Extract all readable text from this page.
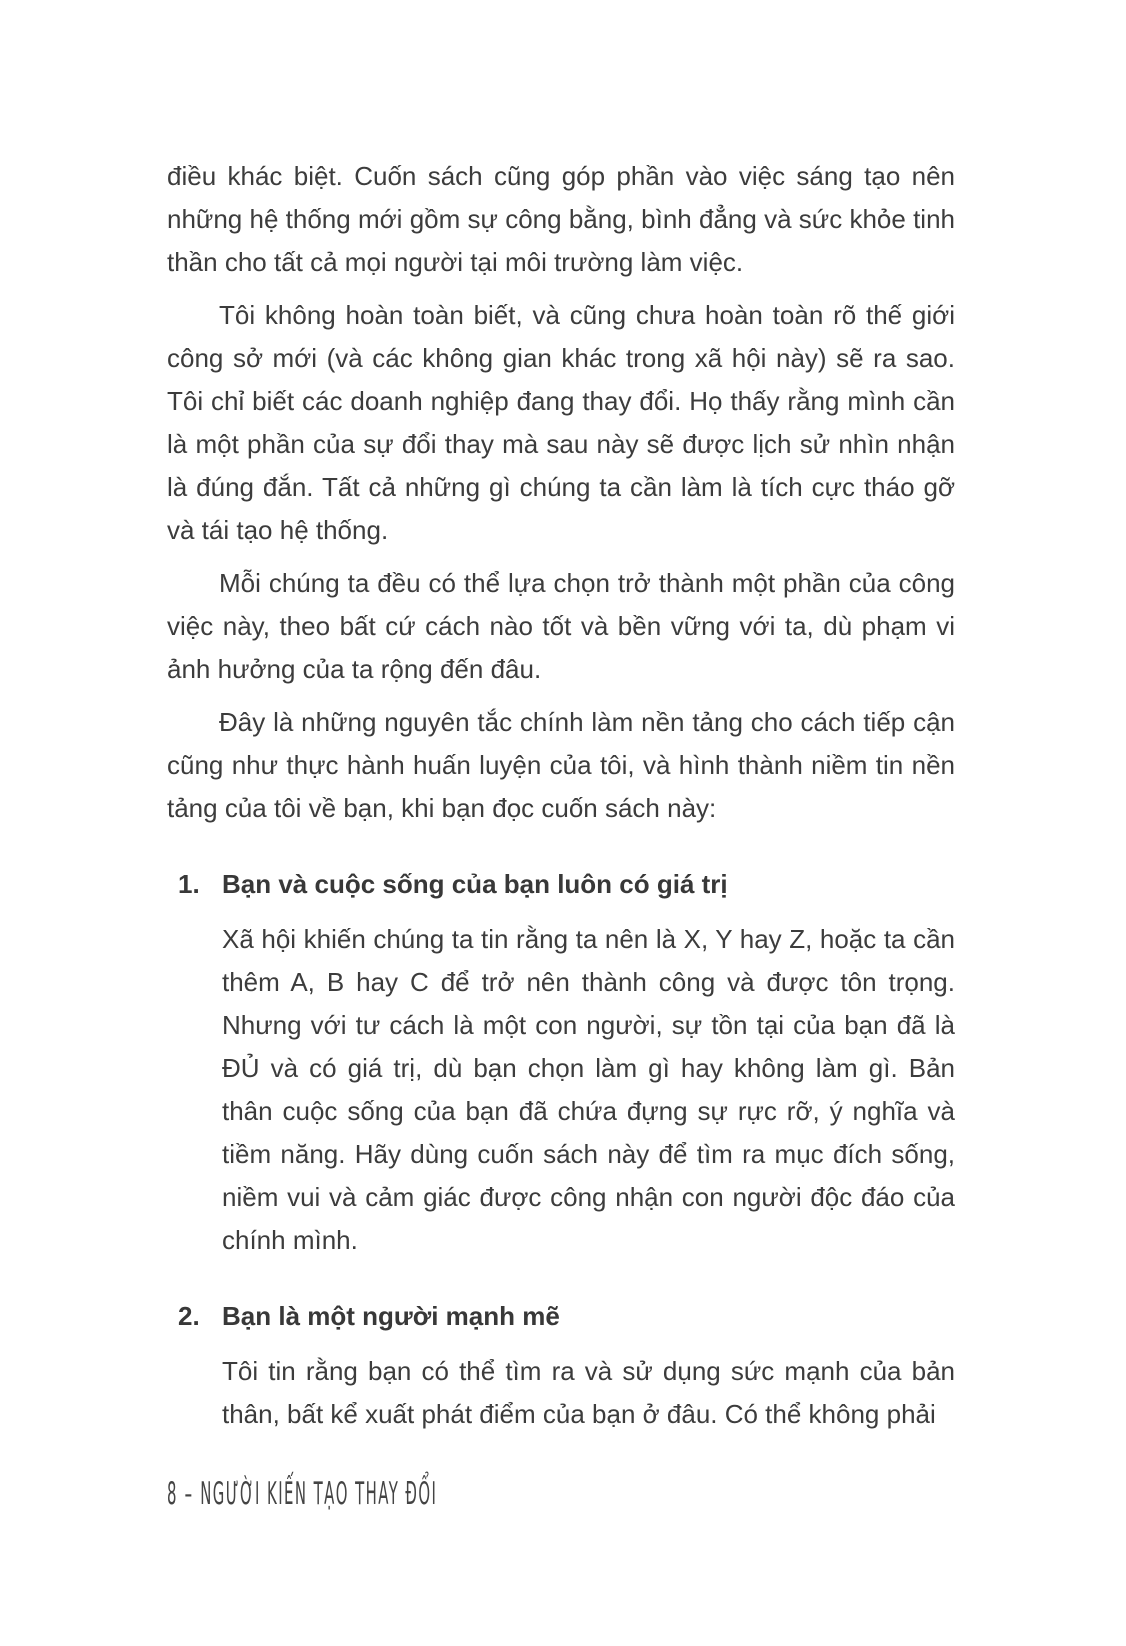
điều khác biệt. Cuốn sách cũng góp phần vào việc sáng tạo nên những hệ thống mới gồm sự công bằng, bình đẳng và sức khỏe tinh thần cho tất cả mọi người tại môi trường làm việc.

Tôi không hoàn toàn biết, và cũng chưa hoàn toàn rõ thế giới công sở mới (và các không gian khác trong xã hội này) sẽ ra sao. Tôi chỉ biết các doanh nghiệp đang thay đổi. Họ thấy rằng mình cần là một phần của sự đổi thay mà sau này sẽ được lịch sử nhìn nhận là đúng đắn. Tất cả những gì chúng ta cần làm là tích cực tháo gỡ và tái tạo hệ thống.

Mỗi chúng ta đều có thể lựa chọn trở thành một phần của công việc này, theo bất cứ cách nào tốt và bền vững với ta, dù phạm vi ảnh hưởng của ta rộng đến đâu.

Đây là những nguyên tắc chính làm nền tảng cho cách tiếp cận cũng như thực hành huấn luyện của tôi, và hình thành niềm tin nền tảng của tôi về bạn, khi bạn đọc cuốn sách này:

1. Bạn và cuộc sống của bạn luôn có giá trị

Xã hội khiến chúng ta tin rằng ta nên là X, Y hay Z, hoặc ta cần thêm A, B hay C để trở nên thành công và được tôn trọng. Nhưng với tư cách là một con người, sự tồn tại của bạn đã là ĐỦ và có giá trị, dù bạn chọn làm gì hay không làm gì. Bản thân cuộc sống của bạn đã chứa đựng sự rực rỡ, ý nghĩa và tiềm năng. Hãy dùng cuốn sách này để tìm ra mục đích sống, niềm vui và cảm giác được công nhận con người độc đáo của chính mình.

2. Bạn là một người mạnh mẽ

Tôi tin rằng bạn có thể tìm ra và sử dụng sức mạnh của bản thân, bất kể xuất phát điểm của bạn ở đâu. Có thể không phải

8 – NGƯỜI KIẾN TẠO THAY ĐỔI
